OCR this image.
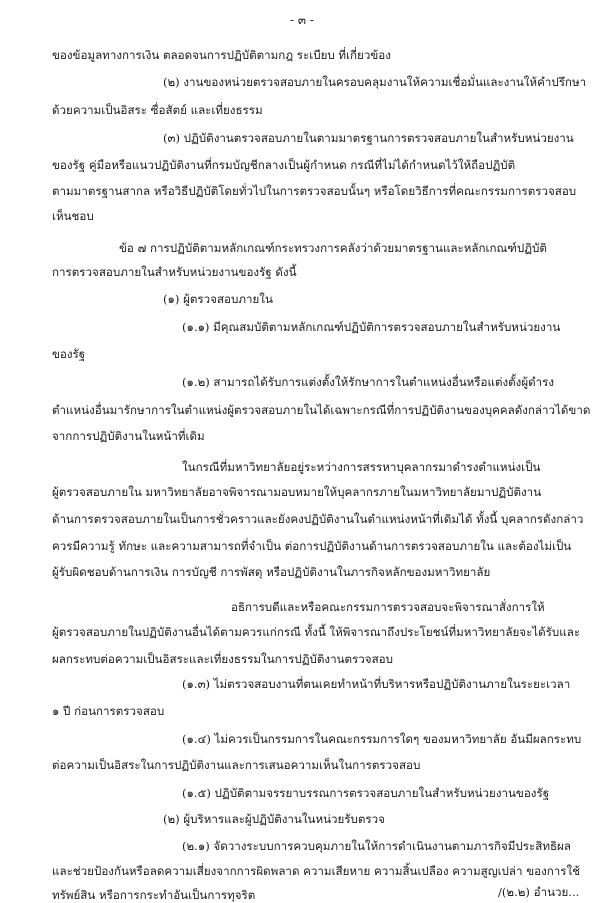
- ๓ -
ของข้อมูลทางการเงิน ตลอดจนการปฏิบัติตามกฎ ระเบียบ ที่เกี่ยวข้อง
(๒) งานของหน่วยตรวจสอบภายในครอบคลุมงานให้ความเชื่อมั่นและงานให้คำปรึกษา
ด้วยความเป็นอิสระ ซื่อสัตย์ และเที่ยงธรรม
(๓) ปฏิบัติงานตรวจสอบภายในตามมาตรฐานการตรวจสอบภายในสำหรับหน่วยงาน
ของรัฐ คู่มือหรือแนวปฏิบัติงานที่กรมบัญชีกลางเป็นผู้กำหนด กรณีที่ไม่ได้กำหนดไว้ให้ถือปฏิบัติ
ตามมาตรฐานสากล หรือวิธีปฏิบัติโดยทั่วไปในการตรวจสอบนั้นๆ หรือโดยวิธีการที่คณะกรรมการตรวจสอบ
เห็นชอบ
ข้อ ๗ การปฏิบัติตามหลักเกณฑ์กระทรวงการคลังว่าด้วยมาตรฐานและหลักเกณฑ์ปฏิบัติ
การตรวจสอบภายในสำหรับหน่วยงานของรัฐ ดังนี้
(๑) ผู้ตรวจสอบภายใน
(๑.๑) มีคุณสมบัติตามหลักเกณฑ์ปฏิบัติการตรวจสอบภายในสำหรับหน่วยงาน
ของรัฐ
(๑.๒) สามารถได้รับการแต่งตั้งให้รักษาการในตำแหน่งอื่นหรือแต่งตั้งผู้ดำรง
ตำแหน่งอื่นมารักษาการในตำแหน่งผู้ตรวจสอบภายในได้เฉพาะกรณีที่การปฏิบัติงานของบุคคลดังกล่าวได้ขาด
จากการปฏิบัติงานในหน้าที่เดิม
ในกรณีที่มหาวิทยาลัยอยู่ระหว่างการสรรหาบุคลากรมาดำรงตำแหน่งเป็น
ผู้ตรวจสอบภายใน มหาวิทยาลัยอาจพิจารณามอบหมายให้บุคลากรภายในมหาวิทยาลัยมาปฏิบัติงาน
ด้านการตรวจสอบภายในเป็นการชั่วคราวและยังคงปฏิบัติงานในตำแหน่งหน้าที่เดิมได้ ทั้งนี้ บุคลากรดังกล่าว
ควรมีความรู้ ทักษะ และความสามารถที่จำเป็น ต่อการปฏิบัติงานด้านการตรวจสอบภายใน และต้องไม่เป็น
ผู้รับผิดชอบด้านการเงิน การบัญชี การพัสดุ หรือปฏิบัติงานในภารกิจหลักของมหาวิทยาลัย
อธิการบดีและหรือคณะกรรมการตรวจสอบจะพิจารณาสั่งการให้
ผู้ตรวจสอบภายในปฏิบัติงานอื่นได้ตามควรแก่กรณี ทั้งนี้ ให้พิจารณาถึงประโยชน์ที่มหาวิทยาลัยจะได้รับและ
ผลกระทบต่อความเป็นอิสระและเที่ยงธรรมในการปฏิบัติงานตรวจสอบ
(๑.๓) ไม่ตรวจสอบงานที่ตนเคยทำหน้าที่บริหารหรือปฏิบัติงานภายในระยะเวลา
๑ ปี ก่อนการตรวจสอบ
(๑.๔) ไม่ควรเป็นกรรมการในคณะกรรมการใดๆ ของมหาวิทยาลัย อันมีผลกระทบ
ต่อความเป็นอิสระในการปฏิบัติงานและการเสนอความเห็นในการตรวจสอบ
(๑.๕) ปฏิบัติตามจรรยาบรรณการตรวจสอบภายในสำหรับหน่วยงานของรัฐ
(๒) ผู้บริหารและผู้ปฏิบัติงานในหน่วยรับตรวจ
(๒.๑) จัดวางระบบการควบคุมภายในให้การดำเนินงานตามภารกิจมีประสิทธิผล
และช่วยป้องกันหรือลดความเสี่ยงจากการผิดพลาด ความเสียหาย ความสิ้นเปลือง ความสูญเปล่า ของการใช้
ทรัพย์สิน หรือการกระทำอันเป็นการทุจริต	/(๒.๒) อำนวย...
